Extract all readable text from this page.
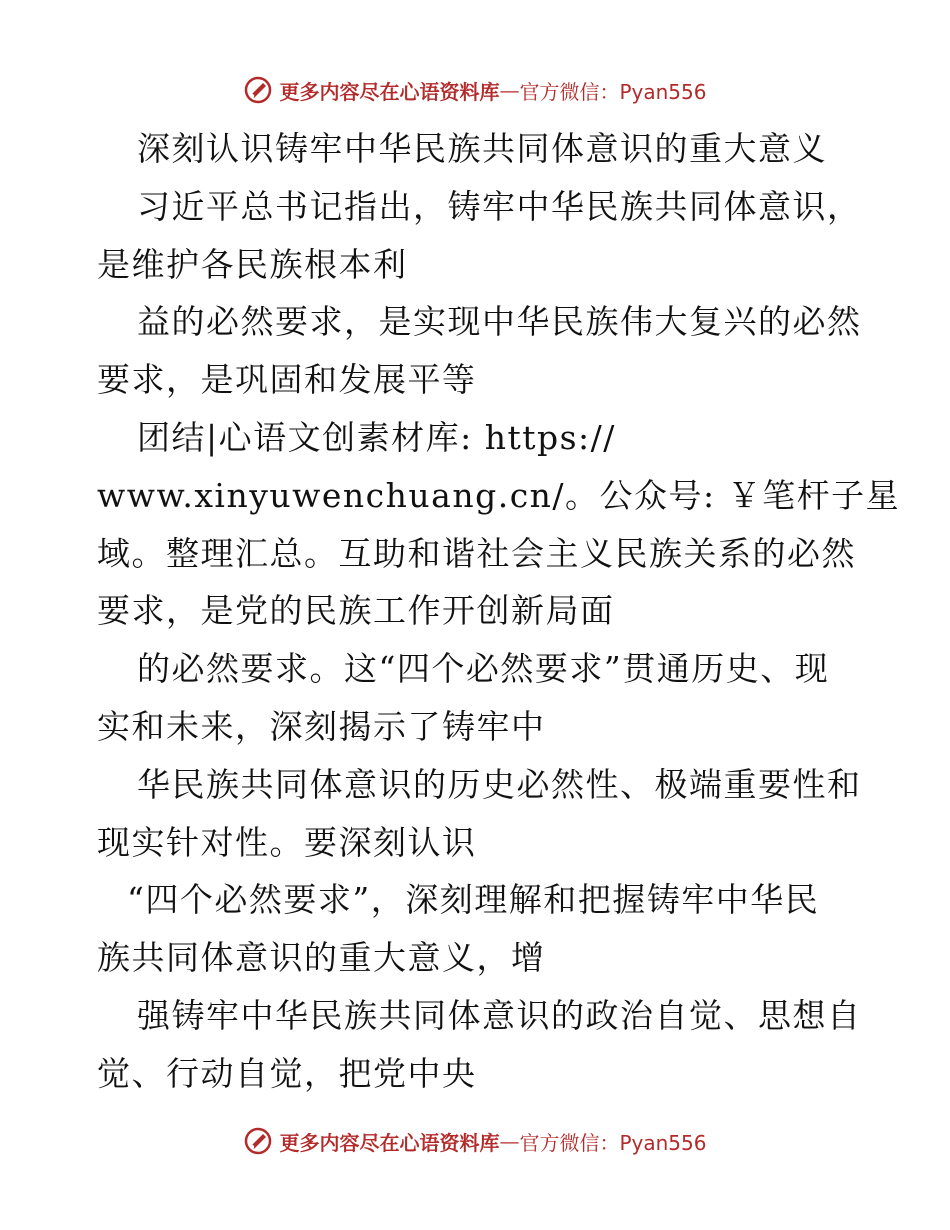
更多内容尽在心语资料库 — 官方微信：Pyan556
深刻认识铸牢中华民族共同体意识的重大意义
习近平总书记指出，铸牢中华民族共同体意识，
是维护各民族根本利
益的必然要求，是实现中华民族伟大复兴的必然
要求，是巩固和发展平等
团结|心语文创素材库: https://
www.xinyuwenchuang.cn/。公众号: ￥笔杆子星
域。整理汇总。互助和谐社会主义民族关系的必然
要求，是党的民族工作开创新局面
的必然要求。这“四个必然要求”贯通历史、现
实和未来，深刻揭示了铸牢中
华民族共同体意识的历史必然性、极端重要性和
现实针对性。要深刻认识
“四个必然要求”，深刻理解和把握铸牢中华民
族共同体意识的重大意义，增
强铸牢中华民族共同体意识的政治自觉、思想自
觉、行动自觉，把党中央
更多内容尽在心语资料库 — 官方微信：Pyan556
